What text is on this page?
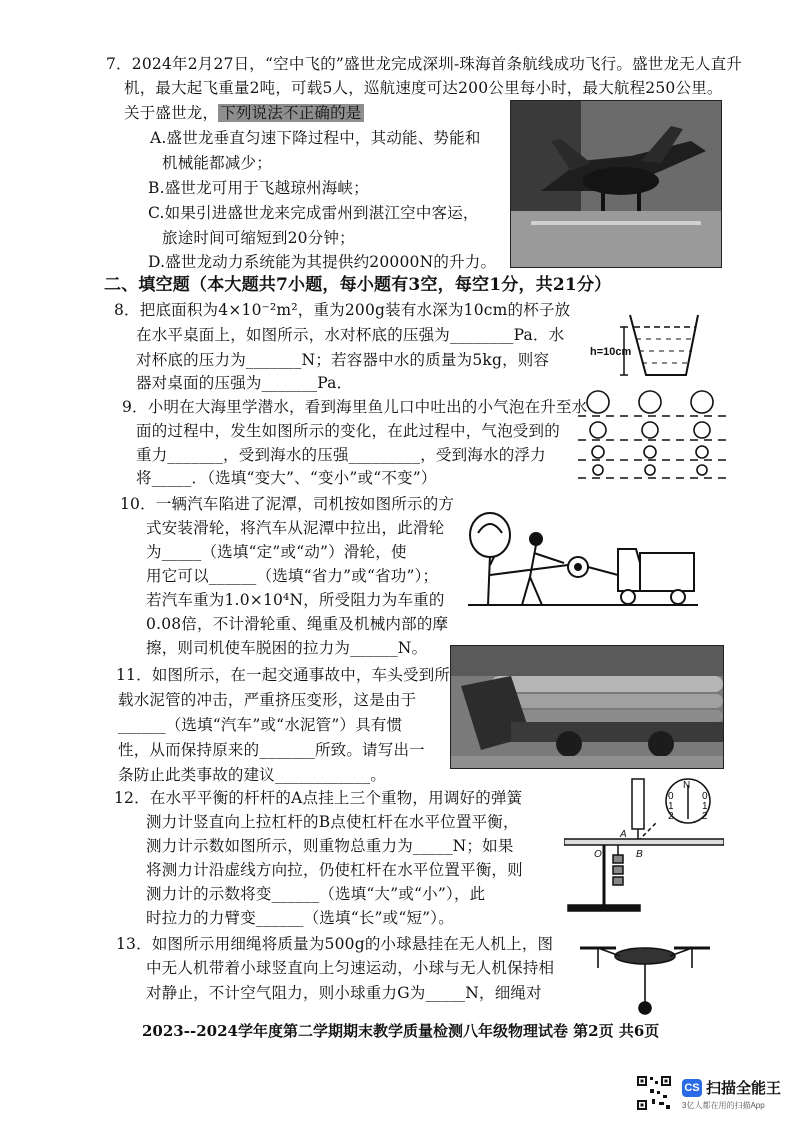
7．2024年2月27日，“空中飞的”盛世龙完成深圳-珠海首条航线成功飞行。盛世龙无人直升
机，最大起飞重量2吨，可载5人，巡航速度可达200公里每小时，最大航程250公里。
关于盛世龙， 下列说法不正确的是
A.盛世龙垂直匀速下降过程中，其动能、势能和
机械能都减少；
B.盛世龙可用于飞越琼州海峡；
C.如果引进盛世龙来完成雷州到湛江空中客运，
旅途时间可缩短到20分钟；
D.盛世龙动力系统能为其提供约20000N的升力。
二、填空题（本大题共7小题，每小题有3空，每空1分，共21分）
8．把底面积为4×10⁻²m²，重为200g装有水深为10cm的杯子放
在水平桌面上，如图所示，水对杯底的压强为________Pa．水
对杯底的压力为_______N；若容器中水的质量为5kg，则容
器对桌面的压强为_______Pa．
h=10cm
9．小明在大海里学潜水，看到海里鱼儿口中吐出的小气泡在升至水
面的过程中，发生如图所示的变化，在此过程中，气泡受到的
重力_______，受到海水的压强_________，受到海水的浮力
将_____．（选填“变大”、“变小”或“不变”）
10．一辆汽车陷进了泥潭，司机按如图所示的方
式安装滑轮，将汽车从泥潭中拉出，此滑轮
为_____（选填“定”或“动”）滑轮，使
用它可以______（选填“省力”或“省功”）；
若汽车重为1.0×10⁴N，所受阻力为车重的
0.08倍，不计滑轮重、绳重及机械内部的摩
擦，则司机使车脱困的拉力为______N。
11．如图所示，在一起交通事故中，车头受到所
载水泥管的冲击，严重挤压变形，这是由于
______（选填“汽车”或“水泥管”）具有惯
性，从而保持原来的_______所致。请写出一
条防止此类事故的建议____________。
12．在水平平衡的杆杆的A点挂上三个重物，用调好的弹簧
测力计竖直向上拉杠杆的B点使杠杆在水平位置平衡，
测力计示数如图所示，则重物总重力为_____N；如果
将测力计沿虚线方向拉，仍使杠杆在水平位置平衡，则
测力计的示数将变______（选填“大”或“小”），此
时拉力的力臂变______（选填“长”或“短”）。
N
0
1
2
0
1
2
A
O	B
13．如图所示用细绳将质量为500g的小球悬挂在无人机上，图
中无人机带着小球竖直向上匀速运动，小球与无人机保持相
对静止，不计空气阻力，则小球重力G为_____N，细绳对
2023--2024学年度第二学期期末教学质量检测八年级物理试卷 第2页 共6页
CS 扫描全能王
3亿人都在用的扫描App
